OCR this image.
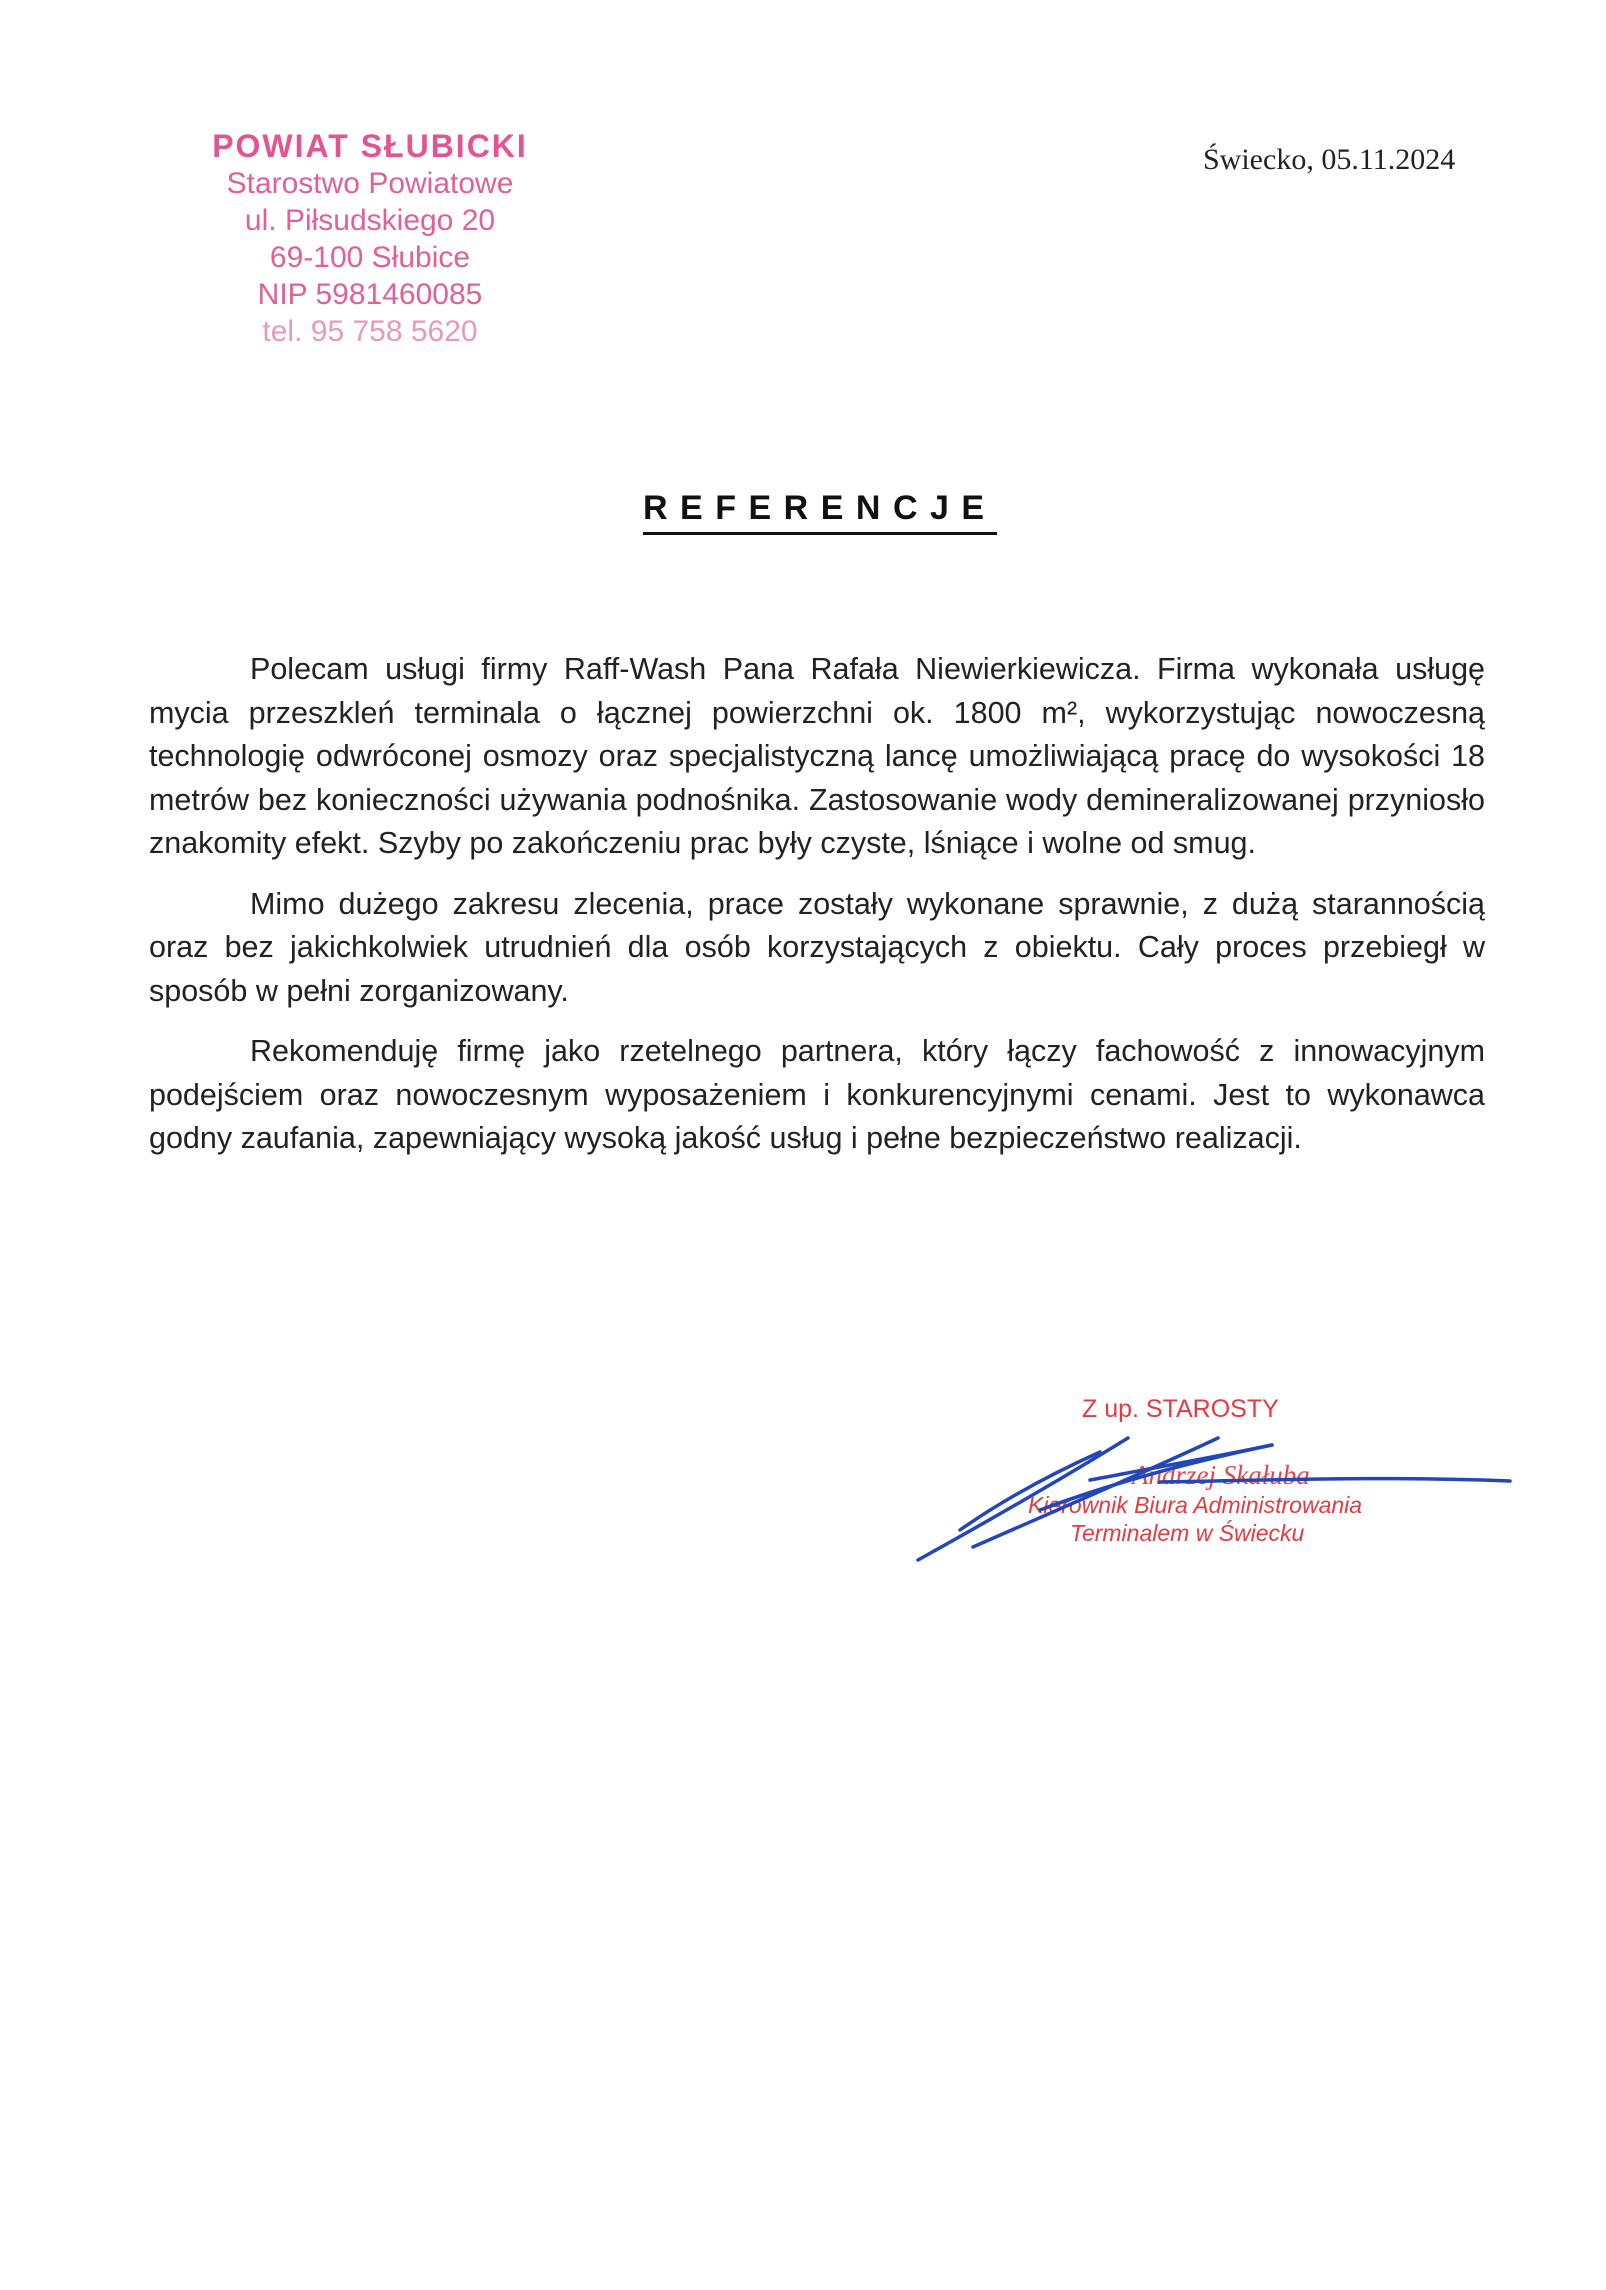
POWIAT SŁUBICKI
Starostwo Powiatowe
ul. Piłsudskiego 20
69-100 Słubice
NIP 5981460085
tel. 95 758 5620
Świecko, 05.11.2024
REFERENCJE

Polecam usługi firmy Raff-Wash Pana Rafała Niewierkiewicza. Firma wykonała usługę mycia przeszkleń terminala o łącznej powierzchni ok. 1800 m², wykorzystując nowoczesną technologię odwróconej osmozy oraz specjalistyczną lancę umożliwiającą pracę do wysokości 18 metrów bez konieczności używania podnośnika. Zastosowanie wody demineralizowanej przyniosło znakomity efekt. Szyby po zakończeniu prac były czyste, lśniące i wolne od smug.

Mimo dużego zakresu zlecenia, prace zostały wykonane sprawnie, z dużą starannością oraz bez jakichkolwiek utrudnień dla osób korzystających z obiektu. Cały proces przebiegł w sposób w pełni zorganizowany.

Rekomenduję firmę jako rzetelnego partnera, który łączy fachowość z innowacyjnym podejściem oraz nowoczesnym wyposażeniem i konkurencyjnymi cenami. Jest to wykonawca godny zaufania, zapewniający wysoką jakość usług i pełne bezpieczeństwo realizacji.

Z up. STAROSTY
Andrzej Skałuba
Kierownik Biura Administrowania
Terminalem w Świecku
